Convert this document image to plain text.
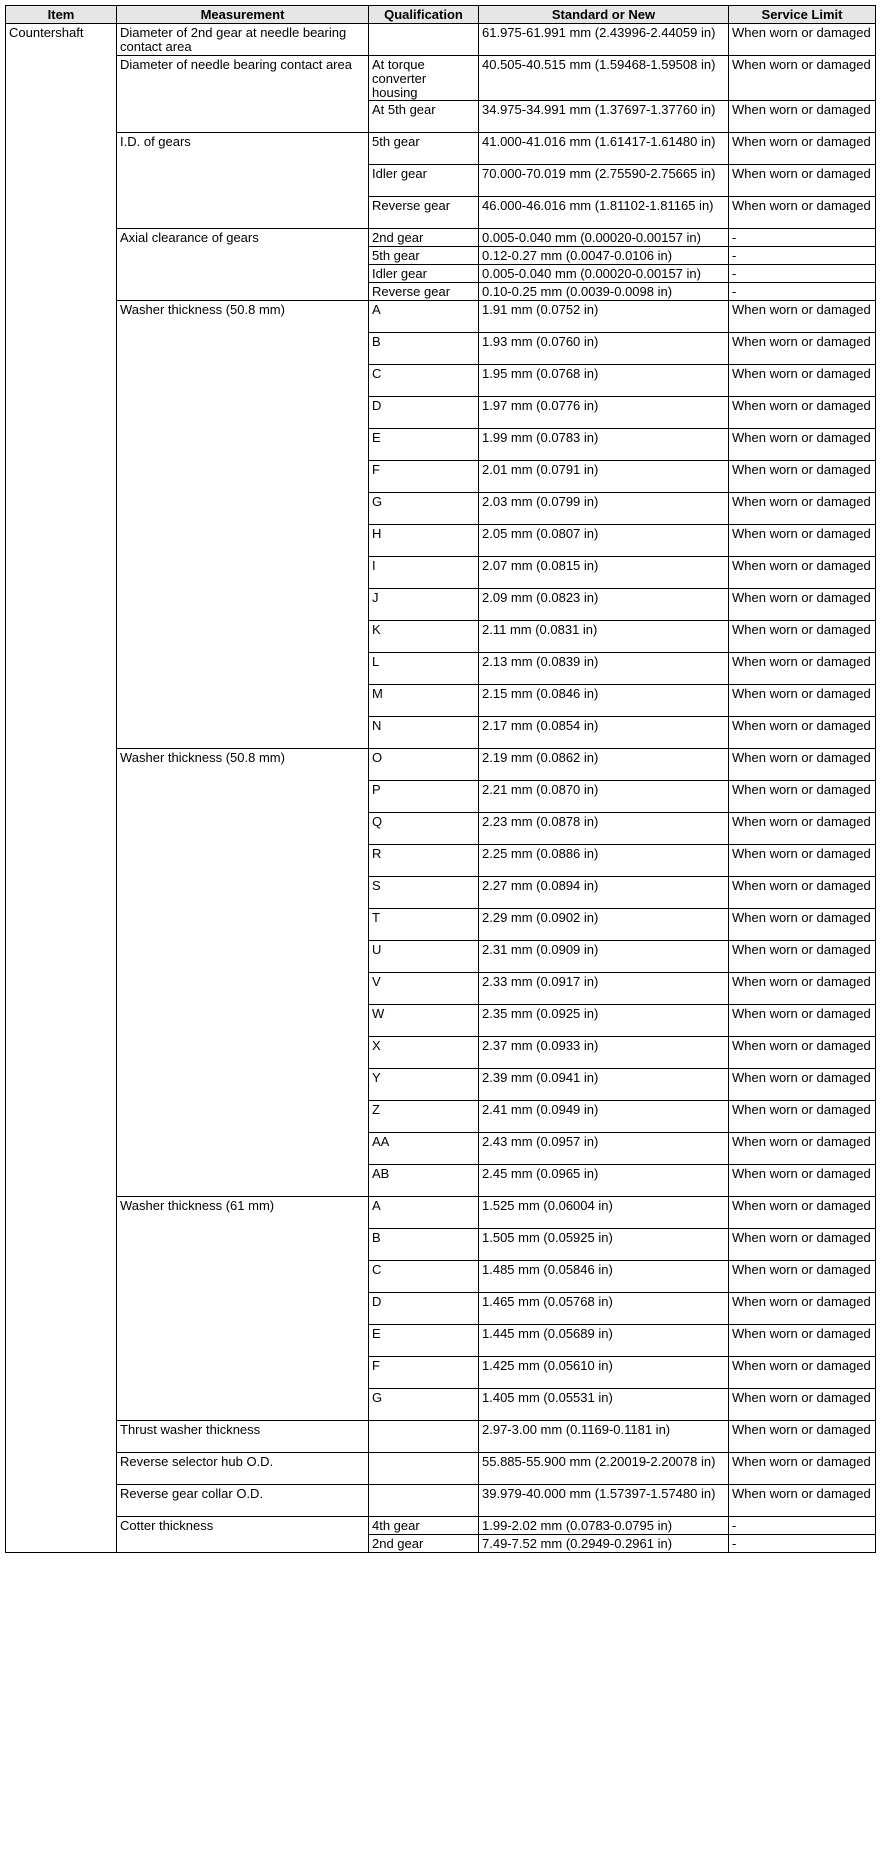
Item	Measurement	Qualification	Standard or New	Service Limit
Countershaft	Diameter of 2nd gear at needle bearing contact area		61.975-61.991 mm (2.43996-2.44059 in)	When worn or damaged
	Diameter of needle bearing contact area	At torque converter housing	40.505-40.515 mm (1.59468-1.59508 in)	When worn or damaged
		At 5th gear	34.975-34.991 mm (1.37697-1.37760 in)	When worn or damaged
	I.D. of gears	5th gear	41.000-41.016 mm (1.61417-1.61480 in)	When worn or damaged
		Idler gear	70.000-70.019 mm (2.75590-2.75665 in)	When worn or damaged
		Reverse gear	46.000-46.016 mm (1.81102-1.81165 in)	When worn or damaged
	Axial clearance of gears	2nd gear	0.005-0.040 mm (0.00020-0.00157 in)	-
		5th gear	0.12-0.27 mm (0.0047-0.0106 in)	-
		Idler gear	0.005-0.040 mm (0.00020-0.00157 in)	-
		Reverse gear	0.10-0.25 mm (0.0039-0.0098 in)	-
	Washer thickness (50.8 mm)	A	1.91 mm (0.0752 in)	When worn or damaged
		B	1.93 mm (0.0760 in)	When worn or damaged
		C	1.95 mm (0.0768 in)	When worn or damaged
		D	1.97 mm (0.0776 in)	When worn or damaged
		E	1.99 mm (0.0783 in)	When worn or damaged
		F	2.01 mm (0.0791 in)	When worn or damaged
		G	2.03 mm (0.0799 in)	When worn or damaged
		H	2.05 mm (0.0807 in)	When worn or damaged
		I	2.07 mm (0.0815 in)	When worn or damaged
		J	2.09 mm (0.0823 in)	When worn or damaged
		K	2.11 mm (0.0831 in)	When worn or damaged
		L	2.13 mm (0.0839 in)	When worn or damaged
		M	2.15 mm (0.0846 in)	When worn or damaged
		N	2.17 mm (0.0854 in)	When worn or damaged
	Washer thickness (50.8 mm)	O	2.19 mm (0.0862 in)	When worn or damaged
		P	2.21 mm (0.0870 in)	When worn or damaged
		Q	2.23 mm (0.0878 in)	When worn or damaged
		R	2.25 mm (0.0886 in)	When worn or damaged
		S	2.27 mm (0.0894 in)	When worn or damaged
		T	2.29 mm (0.0902 in)	When worn or damaged
		U	2.31 mm (0.0909 in)	When worn or damaged
		V	2.33 mm (0.0917 in)	When worn or damaged
		W	2.35 mm (0.0925 in)	When worn or damaged
		X	2.37 mm (0.0933 in)	When worn or damaged
		Y	2.39 mm (0.0941 in)	When worn or damaged
		Z	2.41 mm (0.0949 in)	When worn or damaged
		AA	2.43 mm (0.0957 in)	When worn or damaged
		AB	2.45 mm (0.0965 in)	When worn or damaged
	Washer thickness (61 mm)	A	1.525 mm (0.06004 in)	When worn or damaged
		B	1.505 mm (0.05925 in)	When worn or damaged
		C	1.485 mm (0.05846 in)	When worn or damaged
		D	1.465 mm (0.05768 in)	When worn or damaged
		E	1.445 mm (0.05689 in)	When worn or damaged
		F	1.425 mm (0.05610 in)	When worn or damaged
		G	1.405 mm (0.05531 in)	When worn or damaged
	Thrust washer thickness		2.97-3.00 mm (0.1169-0.1181 in)	When worn or damaged
	Reverse selector hub O.D.		55.885-55.900 mm (2.20019-2.20078 in)	When worn or damaged
	Reverse gear collar O.D.		39.979-40.000 mm (1.57397-1.57480 in)	When worn or damaged
	Cotter thickness	4th gear	1.99-2.02 mm (0.0783-0.0795 in)	-
		2nd gear	7.49-7.52 mm (0.2949-0.2961 in)	-
